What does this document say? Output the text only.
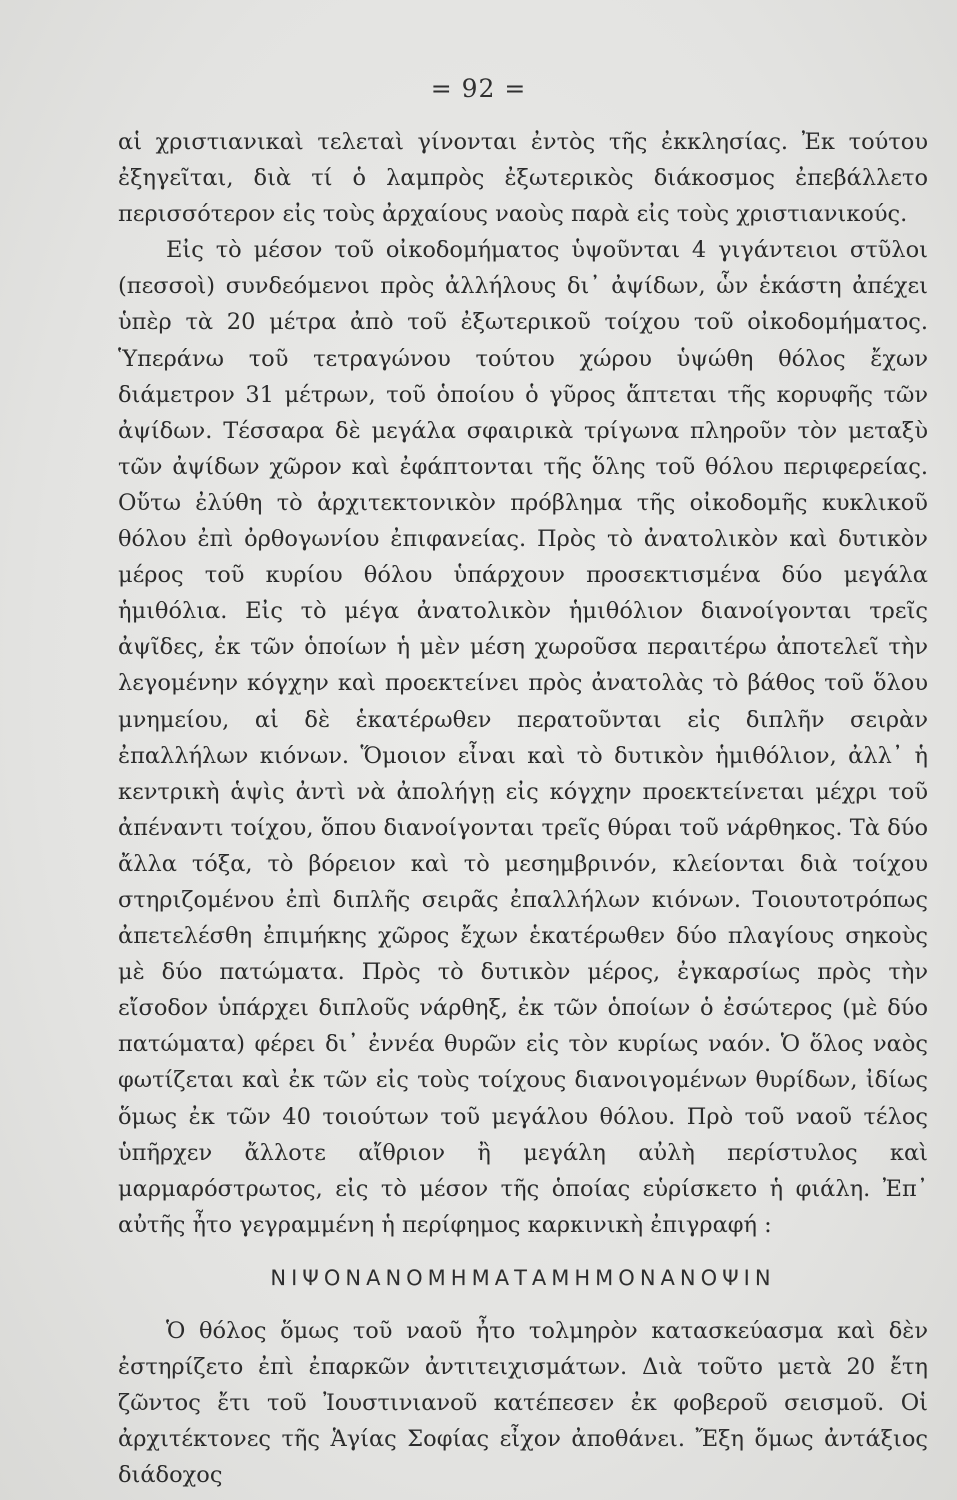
= 92 =

αἱ χριστιανικαὶ τελεταὶ γίνονται ἐντὸς τῆς ἐκκλησίας. Ἐκ τούτου ἐξηγεῖται, διὰ τί ὁ λαμπρὸς ἐξωτερικὸς διάκοσμος ἐπεβάλλετο περισσότερον εἰς τοὺς ἀρχαίους ναοὺς παρὰ εἰς τοὺς χριστιανικούς.

Εἰς τὸ μέσον τοῦ οἰκοδομήματος ὑψοῦνται 4 γιγάντειοι στῦλοι (πεσσοὶ) συνδεόμενοι πρὸς ἀλλήλους δι᾿ ἀψίδων, ὧν ἑκάστη ἀπέχει ὑπὲρ τὰ 20 μέτρα ἀπὸ τοῦ ἐξωτερικοῦ τοίχου τοῦ οἰκοδομήματος. Ὑπεράνω τοῦ τετραγώνου τούτου χώρου ὑψώθη θόλος ἔχων διάμετρον 31 μέτρων, τοῦ ὁποίου ὁ γῦρος ἅπτεται τῆς κορυφῆς τῶν ἀψίδων. Τέσσαρα δὲ μεγάλα σφαιρικὰ τρίγωνα πληροῦν τὸν μεταξὺ τῶν ἀψίδων χῶρον καὶ ἐφάπτονται τῆς ὅλης τοῦ θόλου περιφερείας. Οὕτω ἐλύθη τὸ ἀρχιτεκτονικὸν πρόβλημα τῆς οἰκοδομῆς κυκλικοῦ θόλου ἐπὶ ὀρθογωνίου ἐπιφανείας. Πρὸς τὸ ἀνατολικὸν καὶ δυτικὸν μέρος τοῦ κυρίου θόλου ὑπάρχουν προσεκτισμένα δύο μεγάλα ἡμιθόλια. Εἰς τὸ μέγα ἀνατολικὸν ἡμιθόλιον διανοίγονται τρεῖς ἀψῖδες, ἐκ τῶν ὁποίων ἡ μὲν μέση χωροῦσα περαιτέρω ἀποτελεῖ τὴν λεγομένην κόγχην καὶ προεκτείνει πρὸς ἀνατολὰς τὸ βάθος τοῦ ὅλου μνημείου, αἱ δὲ ἑκατέρωθεν περατοῦνται εἰς διπλῆν σειρὰν ἐπαλλήλων κιόνων. Ὅμοιον εἶναι καὶ τὸ δυτικὸν ἡμιθόλιον, ἀλλ᾿ ἡ κεντρικὴ ἁψὶς ἀντὶ νὰ ἀπολήγῃ εἰς κόγχην προεκτείνεται μέχρι τοῦ ἀπέναντι τοίχου, ὅπου διανοίγονται τρεῖς θύραι τοῦ νάρθηκος. Τὰ δύο ἄλλα τόξα, τὸ βόρειον καὶ τὸ μεσημβρινόν, κλείονται διὰ τοίχου στηριζομένου ἐπὶ διπλῆς σειρᾶς ἐπαλλήλων κιόνων. Τοιουτοτρόπως ἀπετελέσθη ἐπιμήκης χῶρος ἔχων ἑκατέρωθεν δύο πλαγίους σηκοὺς μὲ δύο πατώματα. Πρὸς τὸ δυτικὸν μέρος, ἐγκαρσίως πρὸς τὴν εἴσοδον ὑπάρχει διπλοῦς νάρθηξ, ἐκ τῶν ὁποίων ὁ ἐσώτερος (μὲ δύο πατώματα) φέρει δι᾿ ἐννέα θυρῶν εἰς τὸν κυρίως ναόν. Ὁ ὅλος ναὸς φωτίζεται καὶ ἐκ τῶν εἰς τοὺς τοίχους διανοιγομένων θυρίδων, ἰδίως ὅμως ἐκ τῶν 40 τοιούτων τοῦ μεγάλου θόλου. Πρὸ τοῦ ναοῦ τέλος ὑπῆρχεν ἄλλοτε αἴθριον ἢ μεγάλη αὐλὴ περίστυλος καὶ μαρμαρόστρωτος, εἰς τὸ μέσον τῆς ὁποίας εὑρίσκετο ἡ φιάλη. Ἐπ᾿ αὐτῆς ἦτο γεγραμμένη ἡ περίφημος καρκινικὴ ἐπιγραφή :

ΝΙΨΟΝΑΝΟΜΗΜΑΤΑΜΗΜΟΝΑΝΟΨΙΝ

Ὁ θόλος ὅμως τοῦ ναοῦ ἦτο τολμηρὸν κατασκεύασμα καὶ δὲν ἐστηρίζετο ἐπὶ ἐπαρκῶν ἀντιτειχισμάτων. Διὰ τοῦτο μετὰ 20 ἔτη ζῶντος ἔτι τοῦ Ἰουστινιανοῦ κατέπεσεν ἐκ φοβεροῦ σεισμοῦ. Οἱ ἀρχιτέκτονες τῆς Ἁγίας Σοφίας εἶχον ἀποθάνει. Ἔξη ὅμως ἀντάξιος διάδοχος
